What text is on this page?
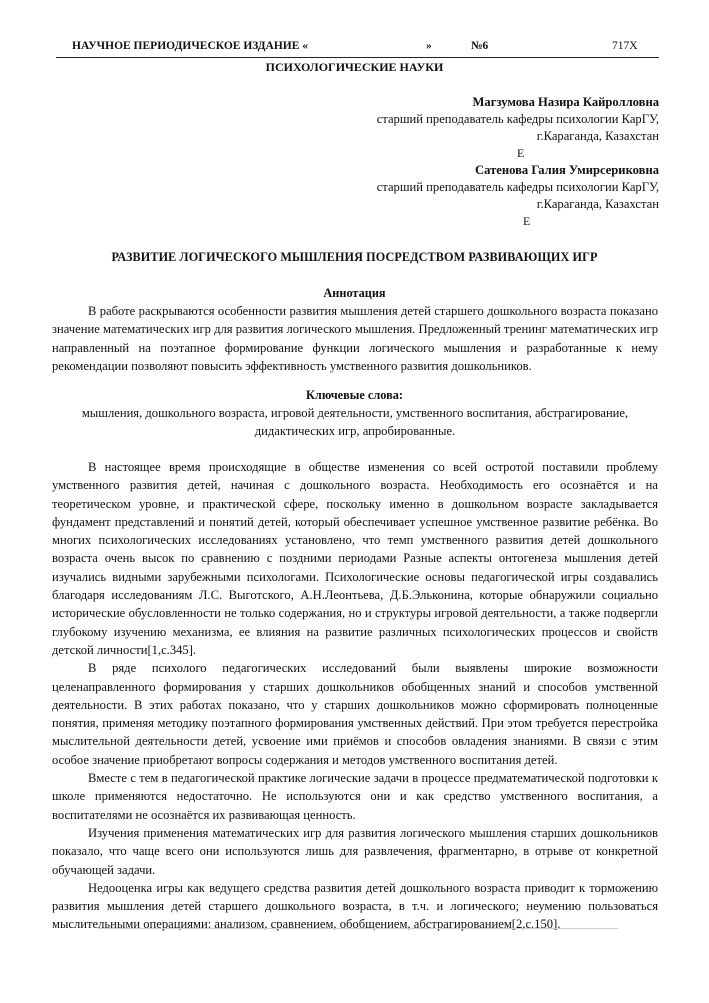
НАУЧНОЕ ПЕРИОДИЧЕСКОЕ ИЗДАНИЕ «	»	№6	717X
ПСИХОЛОГИЧЕСКИЕ НАУКИ
Магзумова Назира Кайролловна
старший преподаватель кафедры психологии КарГУ,
г.Караганда, Казахстан
E
Сатенова Галия Умирсериковна
старший преподаватель кафедры психологии КарГУ,
г.Караганда, Казахстан
E
РАЗВИТИЕ ЛОГИЧЕСКОГО МЫШЛЕНИЯ ПОСРЕДСТВОМ РАЗВИВАЮЩИХ ИГР
Аннотация

В работе раскрываются особенности развития мышления детей старшего дошкольного возраста показано значение математических игр для развития логического мышления. Предложенный тренинг математических игр направленный на поэтапное формирование функции логического мышления и разработанные к нему рекомендации позволяют повысить эффективность умственного развития дошкольников.

Ключевые слова:
мышления, дошкольного возраста, игровой деятельности, умственного воспитания, абстрагирование, дидактических игр, апробированные.

В настоящее время происходящие в обществе изменения со всей остротой поставили проблему умственного развития детей, начиная с дошкольного возраста. Необходимость его осознаётся и на теоретическом уровне, и практической сфере, поскольку именно в дошкольном возрасте закладывается фундамент представлений и понятий детей, который обеспечивает успешное умственное развитие ребёнка. Во многих психологических исследованиях установлено, что темп умственного развития детей дошкольного возраста очень высок по сравнению с поздними периодами Разные аспекты онтогенеза мышления детей изучались видными зарубежными психологами. Психологические основы педагогической игры создавались благодаря исследованиям Л.С. Выготского, А.Н.Леонтьева, Д.Б.Эльконина, которые обнаружили социально исторические обусловленности не только содержания, но и структуры игровой деятельности, а также подвергли глубокому изучению механизма, ее влияния на развитие различных психологических процессов и свойств детской личности[1,с.345].

В ряде психолого педагогических исследований были выявлены широкие возможности целенаправленного формирования у старших дошкольников обобщенных знаний и способов умственной деятельности. В этих работах показано, что у старших дошкольников можно сформировать полноценные понятия, применяя методику поэтапного формирования умственных действий. При этом требуется перестройка мыслительной деятельности детей, усвоение ими приёмов и способов овладения знаниями. В связи с этим особое значение приобретают вопросы содержания и методов умственного воспитания детей.

Вместе с тем в педагогической практике логические задачи в процессе предматематической подготовки к школе применяются недостаточно. Не используются они и как средство умственного воспитания, а воспитателями не осознаётся их развивающая ценность.

Изучения применения математических игр для развития логического мышления старших дошкольников показало, что чаще всего они используются лишь для развлечения, фрагментарно, в отрыве от конкретной обучающей задачи.

Недооценка игры как ведущего средства развития детей дошкольного возраста приводит к торможению развития мышления детей старшего дошкольного возраста, в т.ч. и логического; неумению пользоваться мыслительными операциями: анализом, сравнением, обобщением, абстрагированием[2,с.150].
